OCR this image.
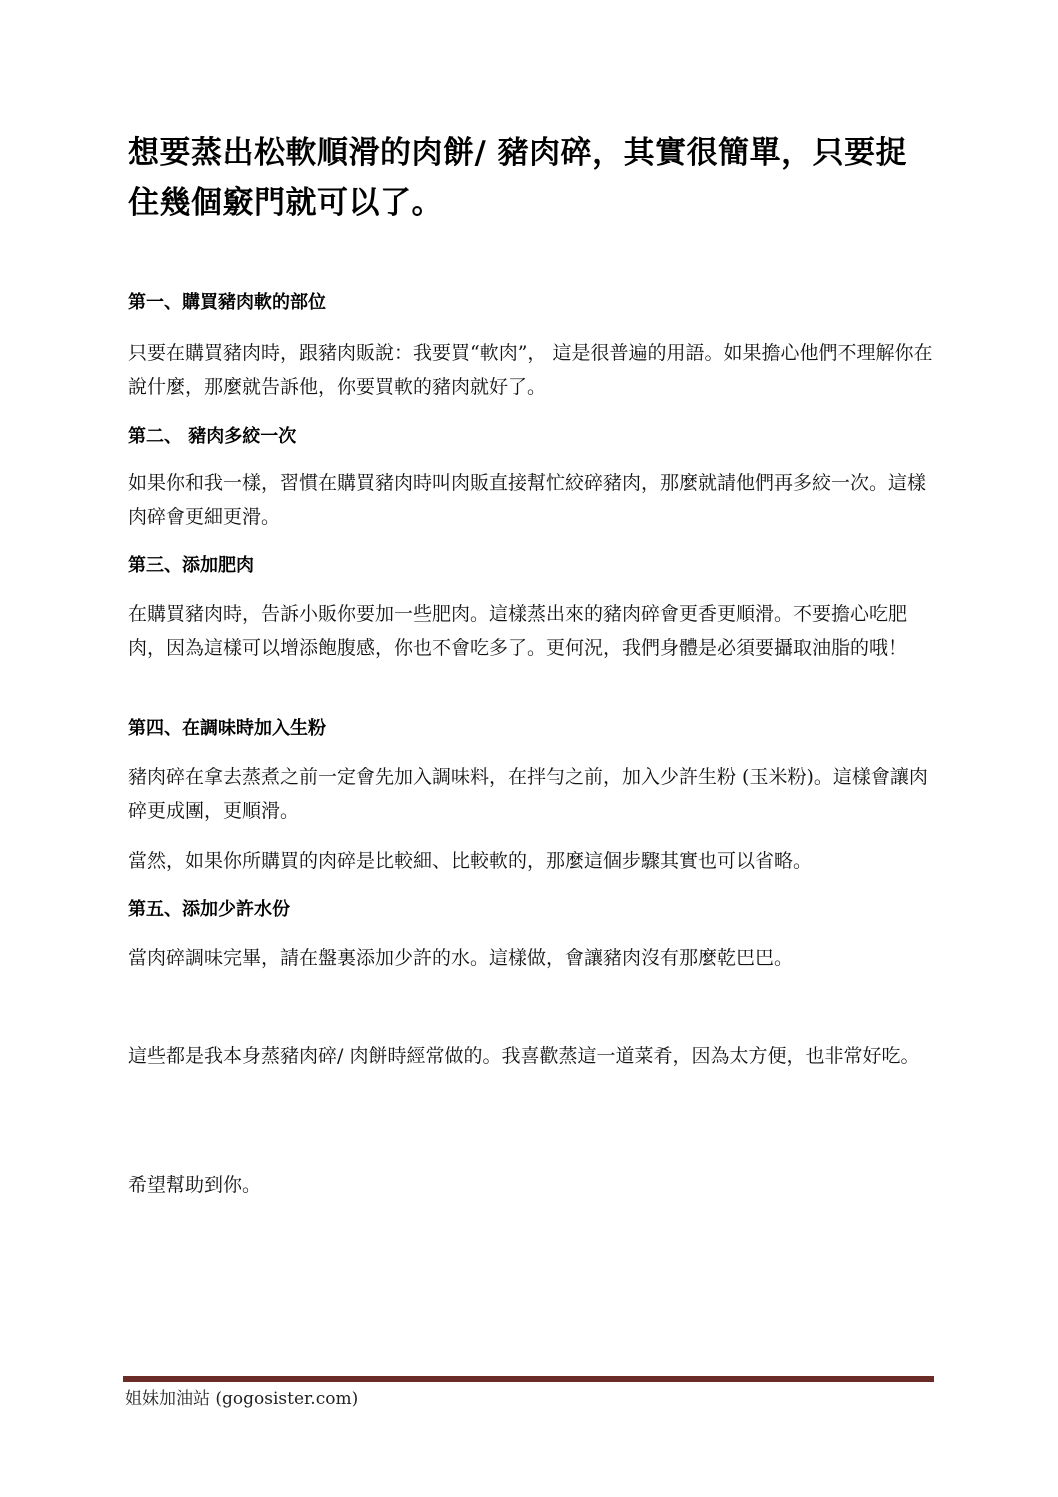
想要蒸出松軟順滑的肉餅/ 豬肉碎，其實很簡單，只要捉住幾個竅門就可以了。
第一、購買豬肉軟的部位

只要在購買豬肉時，跟豬肉販說：我要買“軟肉”， 這是很普遍的用語。如果擔心他們不理解你在說什麼，那麼就告訴他，你要買軟的豬肉就好了。

第二、 豬肉多絞一次

如果你和我一樣，習慣在購買豬肉時叫肉販直接幫忙絞碎豬肉，那麼就請他們再多絞一次。這樣肉碎會更細更滑。

第三、添加肥肉

在購買豬肉時，告訴小販你要加一些肥肉。這樣蒸出來的豬肉碎會更香更順滑。不要擔心吃肥肉，因為這樣可以增添飽腹感，你也不會吃多了。更何況，我們身體是必須要攝取油脂的哦！

第四、在調味時加入生粉

豬肉碎在拿去蒸煮之前一定會先加入調味料，在拌勻之前，加入少許生粉 (玉米粉)。這樣會讓肉碎更成團，更順滑。

當然，如果你所購買的肉碎是比較細、比較軟的，那麼這個步驟其實也可以省略。

第五、添加少許水份

當肉碎調味完畢，請在盤裏添加少許的水。這樣做，會讓豬肉沒有那麼乾巴巴。

這些都是我本身蒸豬肉碎/ 肉餅時經常做的。我喜歡蒸這一道菜肴，因為太方便，也非常好吃。

希望幫助到你。

姐妹加油站 (gogosister.com)
